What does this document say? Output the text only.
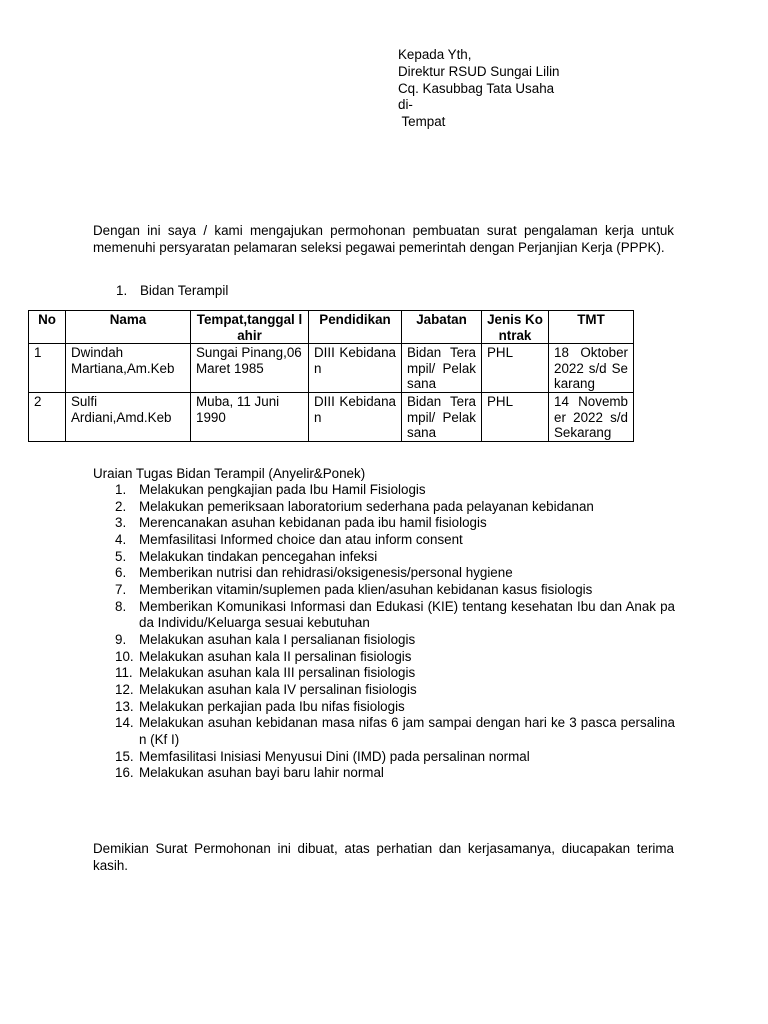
Kepada Yth,
Direktur RSUD Sungai Lilin
Cq. Kasubbag Tata Usaha
di-
Tempat
Dengan ini saya / kami mengajukan permohonan pembuatan surat pengalaman kerja untuk memenuhi persyaratan pelamaran seleksi pegawai pemerintah dengan Perjanjian Kerja (PPPK).
1. Bidan Terampil
No	Nama	Tempat,tanggal lahir	Pendidikan	Jabatan	Jenis Kontrak	TMT
1	Dwindah Martiana,Am.Keb	Sungai Pinang,06 Maret 1985	DIII Kebidanan	Bidan Terampil/ Pelaksana	PHL	18 Oktober 2022 s/d Sekarang
2	Sulfi Ardiani,Amd.Keb	Muba, 11 Juni 1990	DIII Kebidanan	Bidan Terampil/ Pelaksana	PHL	14 November 2022 s/d Sekarang
Uraian Tugas Bidan Terampil (Anyelir&Ponek)
1. Melakukan pengkajian pada Ibu Hamil Fisiologis
2. Melakukan pemeriksaan laboratorium sederhana pada pelayanan kebidanan
3. Merencanakan asuhan kebidanan pada ibu hamil fisiologis
4. Memfasilitasi Informed choice dan atau inform consent
5. Melakukan tindakan pencegahan infeksi
6. Memberikan nutrisi dan rehidrasi/oksigenesis/personal hygiene
7. Memberikan vitamin/suplemen pada klien/asuhan kebidanan kasus fisiologis
8. Memberikan Komunikasi Informasi dan Edukasi (KIE) tentang kesehatan Ibu dan Anak pada Individu/Keluarga sesuai kebutuhan
9. Melakukan asuhan kala I persalianan fisiologis
10. Melakukan asuhan kala II persalinan fisiologis
11. Melakukan asuhan kala III persalinan fisiologis
12. Melakukan asuhan kala IV persalinan fisiologis
13. Melakukan perkajian pada Ibu nifas fisiologis
14. Melakukan asuhan kebidanan masa nifas 6 jam sampai dengan hari ke 3 pasca persalinan (Kf I)
15. Memfasilitasi Inisiasi Menyusui Dini (IMD) pada persalinan normal
16. Melakukan asuhan bayi baru lahir normal
Demikian Surat Permohonan ini dibuat, atas perhatian dan kerjasamanya, diucapakan terima kasih.
